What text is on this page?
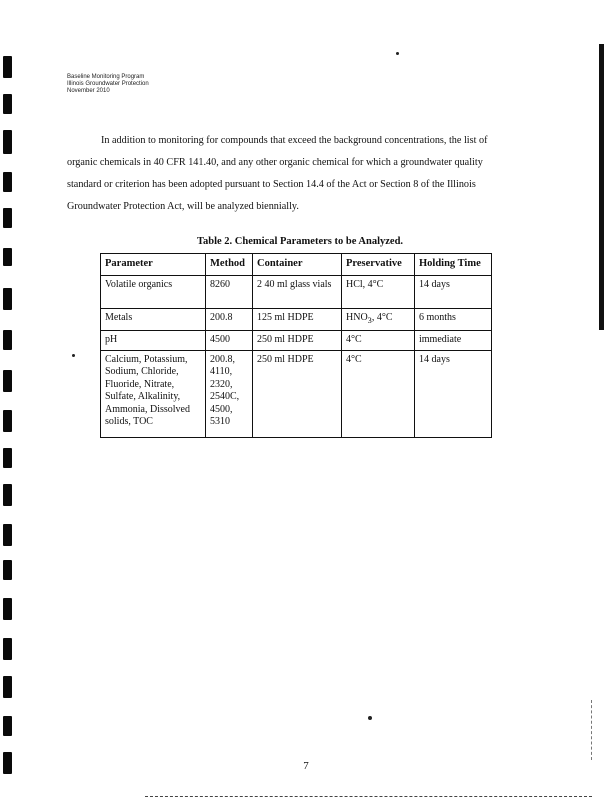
Baseline Monitoring Program
Illinois Groundwater Protection
November 2010

In addition to monitoring for compounds that exceed the background concentrations, the list of organic chemicals in 40 CFR 141.40, and any other organic chemical for which a groundwater quality standard or criterion has been adopted pursuant to Section 14.4 of the Act or Section 8 of the Illinois Groundwater Protection Act, will be analyzed biennially.

Table 2. Chemical Parameters to be Analyzed.
Parameter	Method	Container	Preservative	Holding Time
Volatile organics	8260	2 40 ml glass vials	HCl, 4°C	14 days
Metals	200.8	125 ml HDPE	$HNO_3$, 4°C	6 months
pH	4500	250 ml HDPE	4°C	immediate
Calcium, Potassium, Sodium, Chloride, Fluoride, Nitrate, Sulfate, Alkalinity, Ammonia, Dissolved solids, TOC	200.8, 4110, 2320, 2540C, 4500, 5310	250 ml HDPE	4°C	14 days
7
